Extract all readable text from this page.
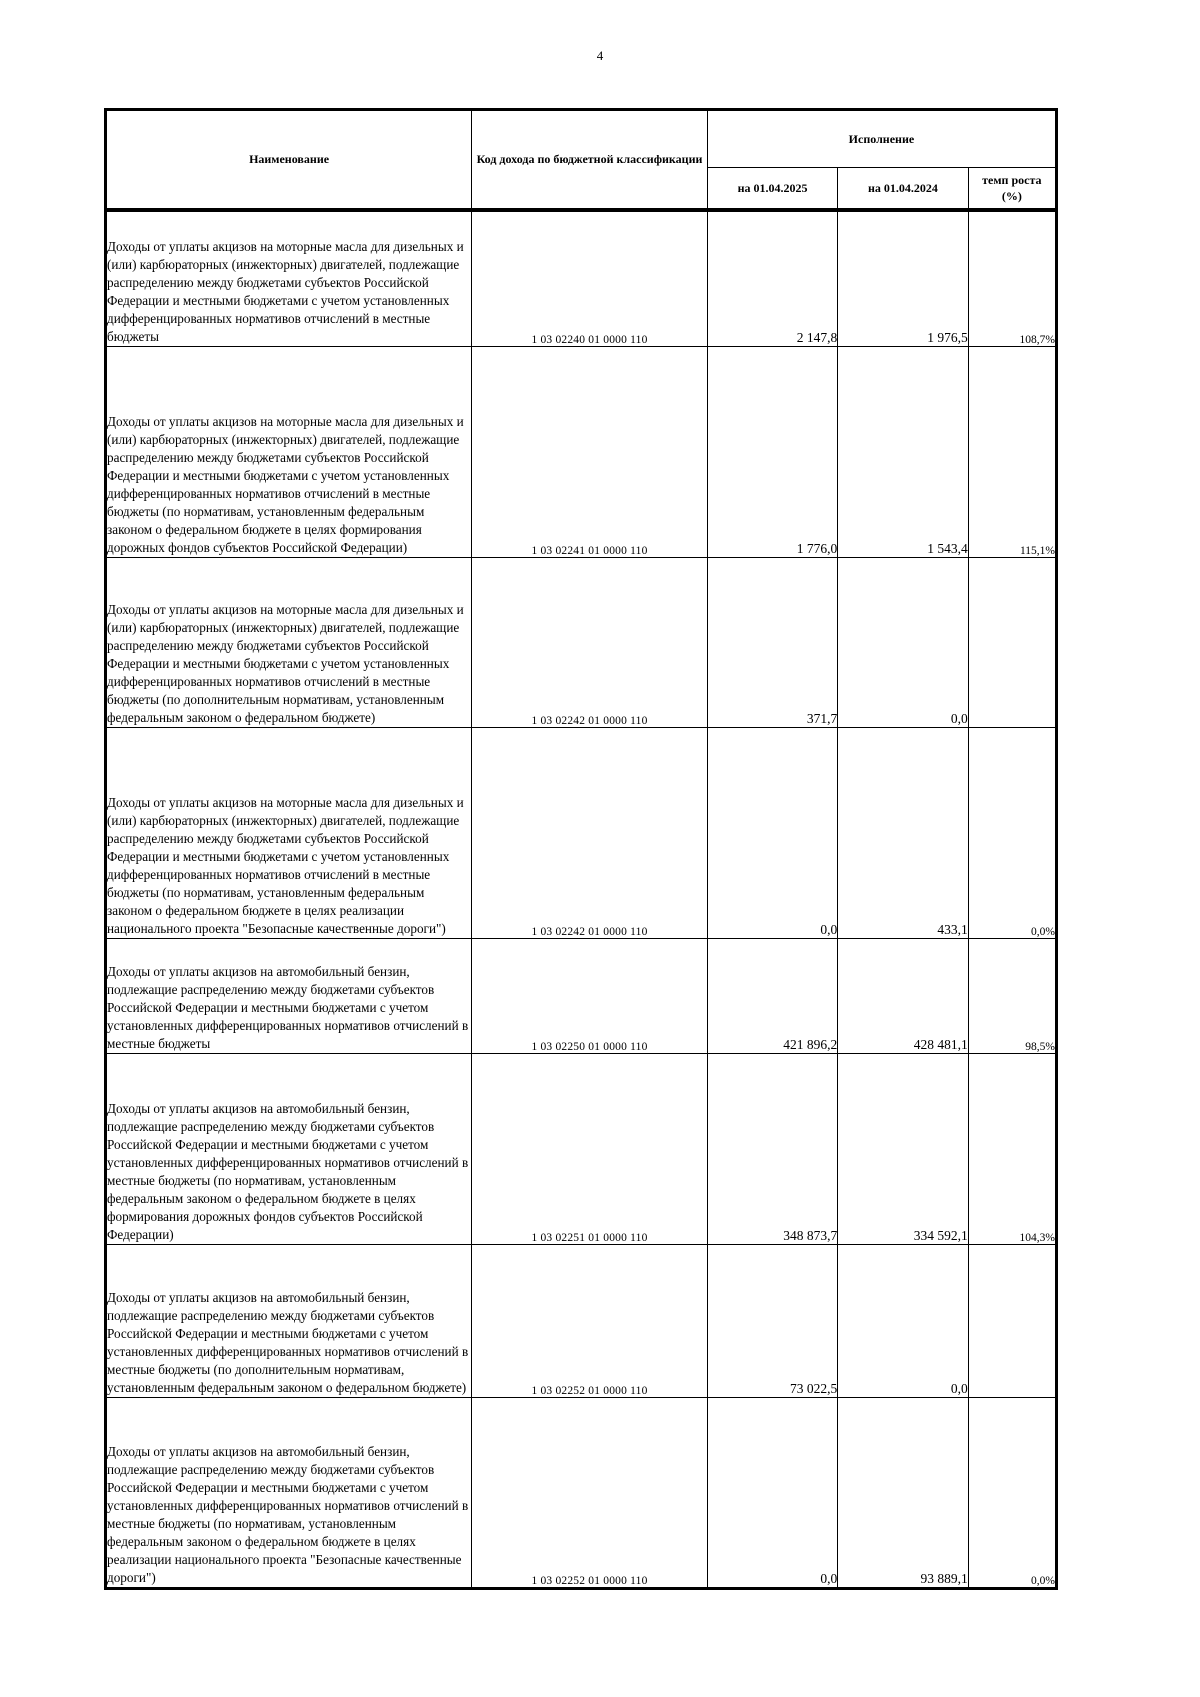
4
Наименование	Код дохода по бюджетной классификации	Исполнение		
		на 01.04.2025	на 01.04.2024	темп роста
(%)
Доходы от уплаты акцизов на моторные масла для дизельных и (или) карбюраторных (инжекторных) двигателей, подлежащие распределению между бюджетами субъектов Российской Федерации и местными бюджетами с учетом установленных дифференцированных нормативов отчислений в местные бюджеты	1 03 02240 01 0000 110	2 147,8	1 976,5	108,7%
Доходы от уплаты акцизов на моторные масла для дизельных и (или) карбюраторных (инжекторных) двигателей, подлежащие распределению между бюджетами субъектов Российской Федерации и местными бюджетами с учетом установленных дифференцированных нормативов отчислений в местные бюджеты (по нормативам, установленным федеральным законом о федеральном бюджете в целях формирования дорожных фондов субъектов Российской Федерации)	1 03 02241 01 0000 110	1 776,0	1 543,4	115,1%
Доходы от уплаты акцизов на моторные масла для дизельных и (или) карбюраторных (инжекторных) двигателей, подлежащие распределению между бюджетами субъектов Российской Федерации и местными бюджетами с учетом установленных дифференцированных нормативов отчислений в местные бюджеты (по дополнительным нормативам, установленным федеральным законом о федеральном бюджете)	1 03 02242 01 0000 110	371,7	0,0	
Доходы от уплаты акцизов на моторные масла для дизельных и (или) карбюраторных (инжекторных) двигателей, подлежащие распределению между бюджетами субъектов Российской Федерации и местными бюджетами с учетом установленных дифференцированных нормативов отчислений в местные бюджеты (по нормативам, установленным федеральным законом о федеральном бюджете в целях реализации национального проекта "Безопасные качественные дороги")	1 03 02242 01 0000 110	0,0	433,1	0,0%
Доходы от уплаты акцизов на автомобильный бензин, подлежащие распределению между бюджетами субъектов Российской Федерации и местными бюджетами с учетом установленных дифференцированных нормативов отчислений в местные бюджеты	1 03 02250 01 0000 110	421 896,2	428 481,1	98,5%
Доходы от уплаты акцизов на автомобильный бензин, подлежащие распределению между бюджетами субъектов Российской Федерации и местными бюджетами с учетом установленных дифференцированных нормативов отчислений в местные бюджеты (по нормативам, установленным федеральным законом о федеральном бюджете в целях формирования дорожных фондов субъектов Российской Федерации)	1 03 02251 01 0000 110	348 873,7	334 592,1	104,3%
Доходы от уплаты акцизов на автомобильный бензин, подлежащие распределению между бюджетами субъектов Российской Федерации и местными бюджетами с учетом установленных дифференцированных нормативов отчислений в местные бюджеты (по дополнительным нормативам, установленным федеральным законом о федеральном бюджете)	1 03 02252 01 0000 110	73 022,5	0,0	
Доходы от уплаты акцизов на автомобильный бензин, подлежащие распределению между бюджетами субъектов Российской Федерации и местными бюджетами с учетом установленных дифференцированных нормативов отчислений в местные бюджеты (по нормативам, установленным федеральным законом о федеральном бюджете в целях реализации национального проекта "Безопасные качественные дороги")	1 03 02252 01 0000 110	0,0	93 889,1	0,0%
